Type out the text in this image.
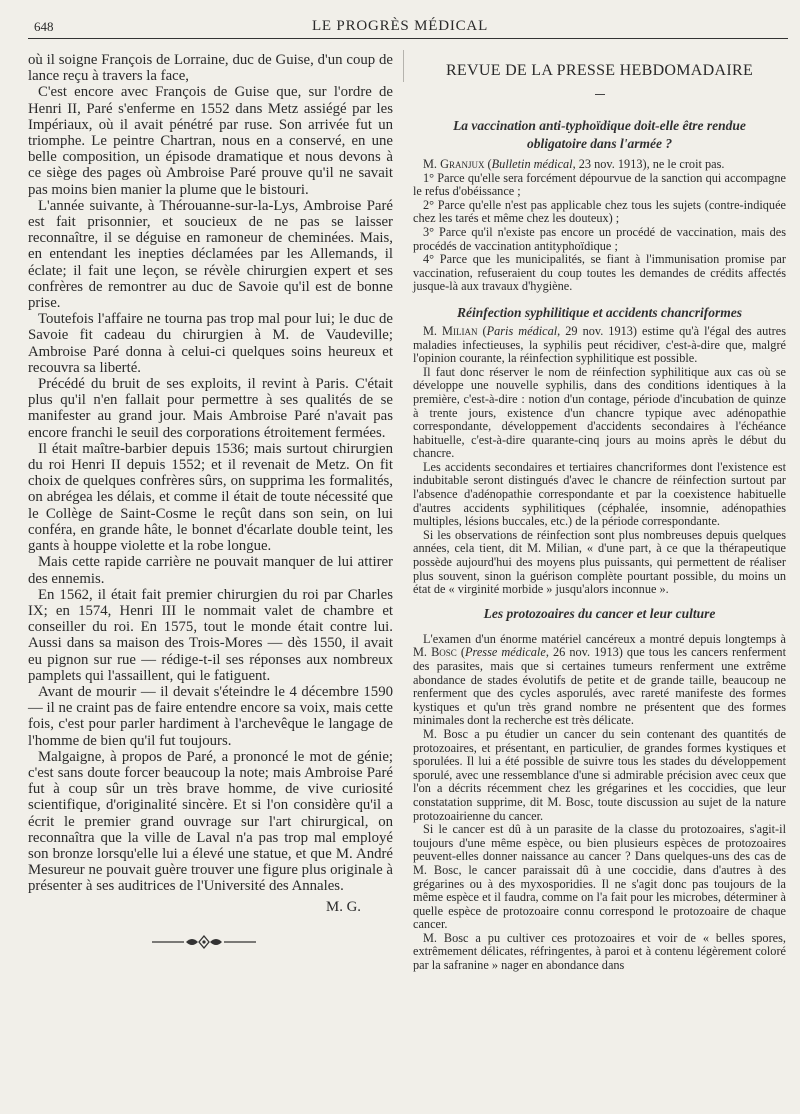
648	LE PROGRÈS MÉDICAL

où il soigne François de Lorraine, duc de Guise, d'un coup de lance reçu à travers la face,

C'est encore avec François de Guise que, sur l'ordre de Henri II, Paré s'enferme en 1552 dans Metz assiégé par les Impériaux, où il avait pénétré par ruse. Son arrivée fut un triomphe. Le peintre Chartran, nous en a conservé, en une belle composition, un épisode dramatique et nous devons à ce siège des pages où Ambroise Paré prouve qu'il ne savait pas moins bien manier la plume que le bistouri.

L'année suivante, à Thérouanne-sur-la-Lys, Ambroise Paré est fait prisonnier, et soucieux de ne pas se laisser reconnaître, il se déguise en ramoneur de cheminées. Mais, en entendant les inepties déclamées par les Allemands, il éclate; il fait une leçon, se révèle chirurgien expert et ses confrères de remontrer au duc de Savoie qu'il est de bonne prise.

Toutefois l'affaire ne tourna pas trop mal pour lui; le duc de Savoie fit cadeau du chirurgien à M. de Vaudeville; Ambroise Paré donna à celui-ci quelques soins heureux et recouvra sa liberté.

Précédé du bruit de ses exploits, il revint à Paris. C'était plus qu'il n'en fallait pour permettre à ses qualités de se manifester au grand jour. Mais Ambroise Paré n'avait pas encore franchi le seuil des corporations étroitement fermées.

Il était maître-barbier depuis 1536; mais surtout chirurgien du roi Henri II depuis 1552; et il revenait de Metz. On fit choix de quelques confrères sûrs, on supprima les formalités, on abrégea les délais, et comme il était de toute nécessité que le Collège de Saint-Cosme le reçût dans son sein, on lui conféra, en grande hâte, le bonnet d'écarlate double teint, les gants à houppe violette et la robe longue.

Mais cette rapide carrière ne pouvait manquer de lui attirer des ennemis.

En 1562, il était fait premier chirurgien du roi par Charles IX; en 1574, Henri III le nommait valet de chambre et conseiller du roi. En 1575, tout le monde était contre lui. Aussi dans sa maison des Trois-Mores — dès 1550, il avait eu pignon sur rue — rédige-t-il ses réponses aux nombreux pamplets qui l'assaillent, qui le fatiguent.

Avant de mourir — il devait s'éteindre le 4 décembre 1590 — il ne craint pas de faire entendre encore sa voix, mais cette fois, c'est pour parler hardiment à l'archevêque le langage de l'homme de bien qu'il fut toujours.

Malgaigne, à propos de Paré, a prononcé le mot de génie; c'est sans doute forcer beaucoup la note; mais Ambroise Paré fut à coup sûr un très brave homme, de vive curiosité scientifique, d'originalité sincère. Et si l'on considère qu'il a écrit le premier grand ouvrage sur l'art chirurgical, on reconnaîtra que la ville de Laval n'a pas trop mal employé son bronze lorsqu'elle lui a élevé une statue, et que M. André Mesureur ne pouvait guère trouver une figure plus originale à présenter à ses auditrices de l'Université des Annales.

M. G.
REVUE DE LA PRESSE HEBDOMADAIRE
La vaccination anti-typhoïdique doit-elle être rendue obligatoire dans l'armée ?

M. Granjux (Bulletin médical, 23 nov. 1913), ne le croit pas.

1° Parce qu'elle sera forcément dépourvue de la sanction qui accompagne le refus d'obéissance ;

2° Parce qu'elle n'est pas applicable chez tous les sujets (contre-indiquée chez les tarés et même chez les douteux) ;

3° Parce qu'il n'existe pas encore un procédé de vaccination, mais des procédés de vaccination antityphoïdique ;

4° Parce que les municipalités, se fiant à l'immunisation promise par vaccination, refuseraient du coup toutes les demandes de crédits affectés jusque-là aux travaux d'hygiène.

Réinfection syphilitique et accidents chancriformes

M. Milian (Paris médical, 29 nov. 1913) estime qu'à l'égal des autres maladies infectieuses, la syphilis peut récidiver, c'est-à-dire que, malgré l'opinion courante, la réinfection syphilitique est possible.

Il faut donc réserver le nom de réinfection syphilitique aux cas où se développe une nouvelle syphilis, dans des conditions identiques à la première, c'est-à-dire : notion d'un contage, période d'incubation de quinze à trente jours, existence d'un chancre typique avec adénopathie correspondante, développement d'accidents secondaires à l'échéance habituelle, c'est-à-dire quarante-cinq jours au moins après le début du chancre.

Les accidents secondaires et tertiaires chancriformes dont l'existence est indubitable seront distingués d'avec le chancre de réinfection surtout par l'absence d'adénopathie correspondante et par la coexistence habituelle d'autres accidents syphilitiques (céphalée, insomnie, adénopathies multiples, lésions buccales, etc.) de la période correspondante.

Si les observations de réinfection sont plus nombreuses depuis quelques années, cela tient, dit M. Milian, « d'une part, à ce que la thérapeutique possède aujourd'hui des moyens plus puissants, qui permettent de réaliser plus souvent, sinon la guérison complète pourtant possible, du moins un état de « virginité morbide » jusqu'alors inconnue ».

Les protozoaires du cancer et leur culture

L'examen d'un énorme matériel cancéreux a montré depuis longtemps à M. Bosc (Presse médicale, 26 nov. 1913) que tous les cancers renferment des parasites, mais que si certaines tumeurs renferment une extrême abondance de stades évolutifs de petite et de grande taille, beaucoup ne renferment que des cycles asporulés, avec rareté manifeste des formes kystiques et qu'un très grand nombre ne présentent que des formes minimales dont la recherche est très délicate.

M. Bosc a pu étudier un cancer du sein contenant des quantités de protozoaires, et présentant, en particulier, de grandes formes kystiques et sporulées. Il lui a été possible de suivre tous les stades du développement sporulé, avec une ressemblance d'une si admirable précision avec ceux que l'on a décrits récemment chez les grégarines et les coccidies, que leur constatation supprime, dit M. Bosc, toute discussion au sujet de la nature protozoairienne du cancer.

Si le cancer est dû à un parasite de la classe du protozoaires, s'agit-il toujours d'une même espèce, ou bien plusieurs espèces de protozoaires peuvent-elles donner naissance au cancer ? Dans quelques-uns des cas de M. Bosc, le cancer paraissait dû à une coccidie, dans d'autres à des grégarines ou à des myxosporidies. Il ne s'agit donc pas toujours de la même espèce et il faudra, comme on l'a fait pour les microbes, déterminer à quelle espèce de protozoaire connu correspond le protozoaire de chaque cancer.

M. Bosc a pu cultiver ces protozoaires et voir de « belles spores, extrêmement délicates, réfringentes, à paroi et à contenu légèrement coloré par la safranine » nager en abondance dans
